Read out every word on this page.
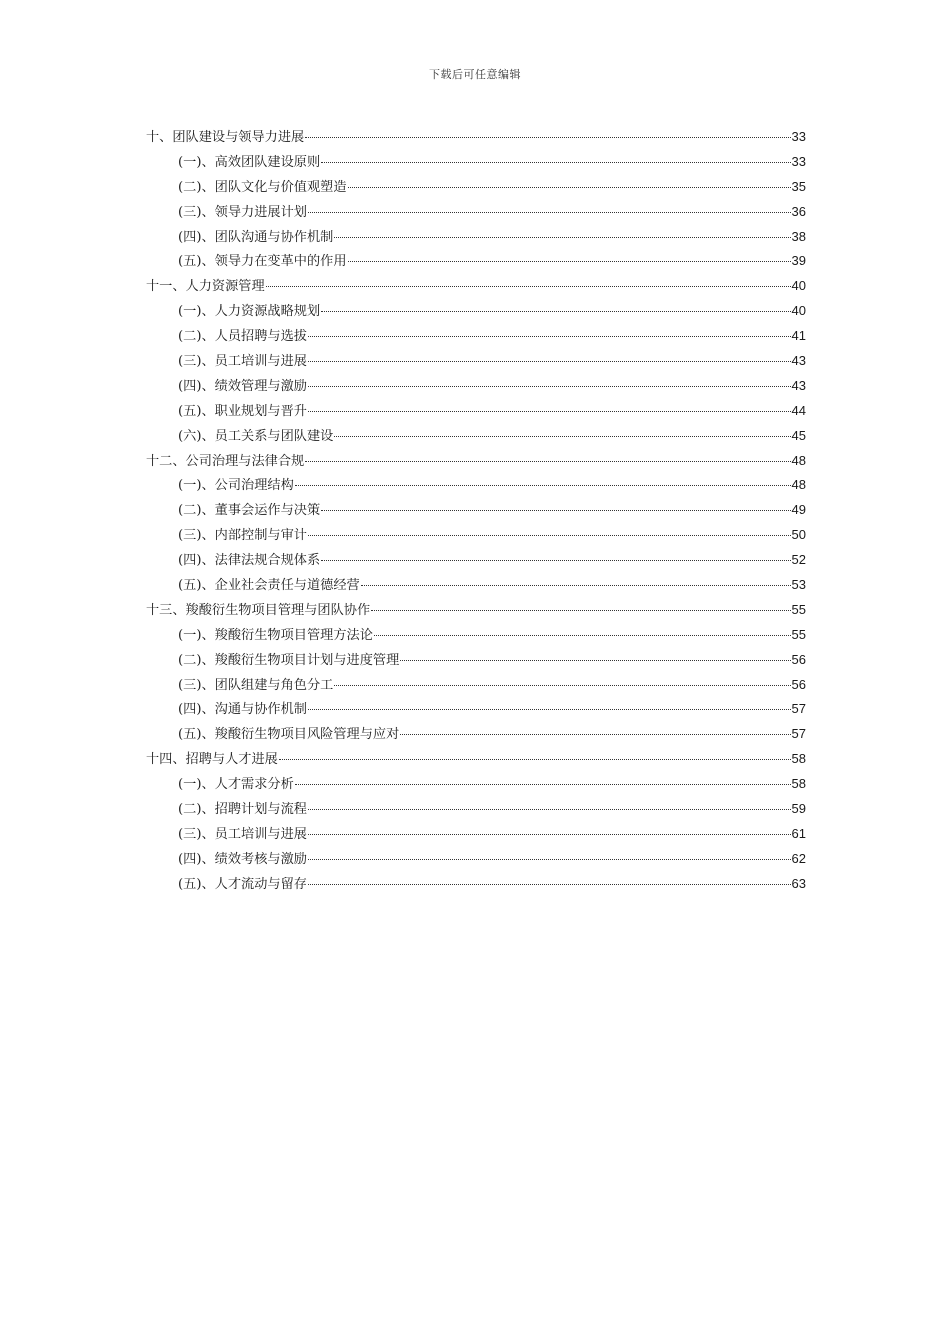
下载后可任意编辑
十、团队建设与领导力进展	33
(一)、高效团队建设原则	33
(二)、团队文化与价值观塑造	35
(三)、领导力进展计划	36
(四)、团队沟通与协作机制	38
(五)、领导力在变革中的作用	39
十一、人力资源管理	40
(一)、人力资源战略规划	40
(二)、人员招聘与选拔	41
(三)、员工培训与进展	43
(四)、绩效管理与激励	43
(五)、职业规划与晋升	44
(六)、员工关系与团队建设	45
十二、公司治理与法律合规	48
(一)、公司治理结构	48
(二)、董事会运作与决策	49
(三)、内部控制与审计	50
(四)、法律法规合规体系	52
(五)、企业社会责任与道德经营	53
十三、羧酸衍生物项目管理与团队协作	55
(一)、羧酸衍生物项目管理方法论	55
(二)、羧酸衍生物项目计划与进度管理	56
(三)、团队组建与角色分工	56
(四)、沟通与协作机制	57
(五)、羧酸衍生物项目风险管理与应对	57
十四、招聘与人才进展	58
(一)、人才需求分析	58
(二)、招聘计划与流程	59
(三)、员工培训与进展	61
(四)、绩效考核与激励	62
(五)、人才流动与留存	63
